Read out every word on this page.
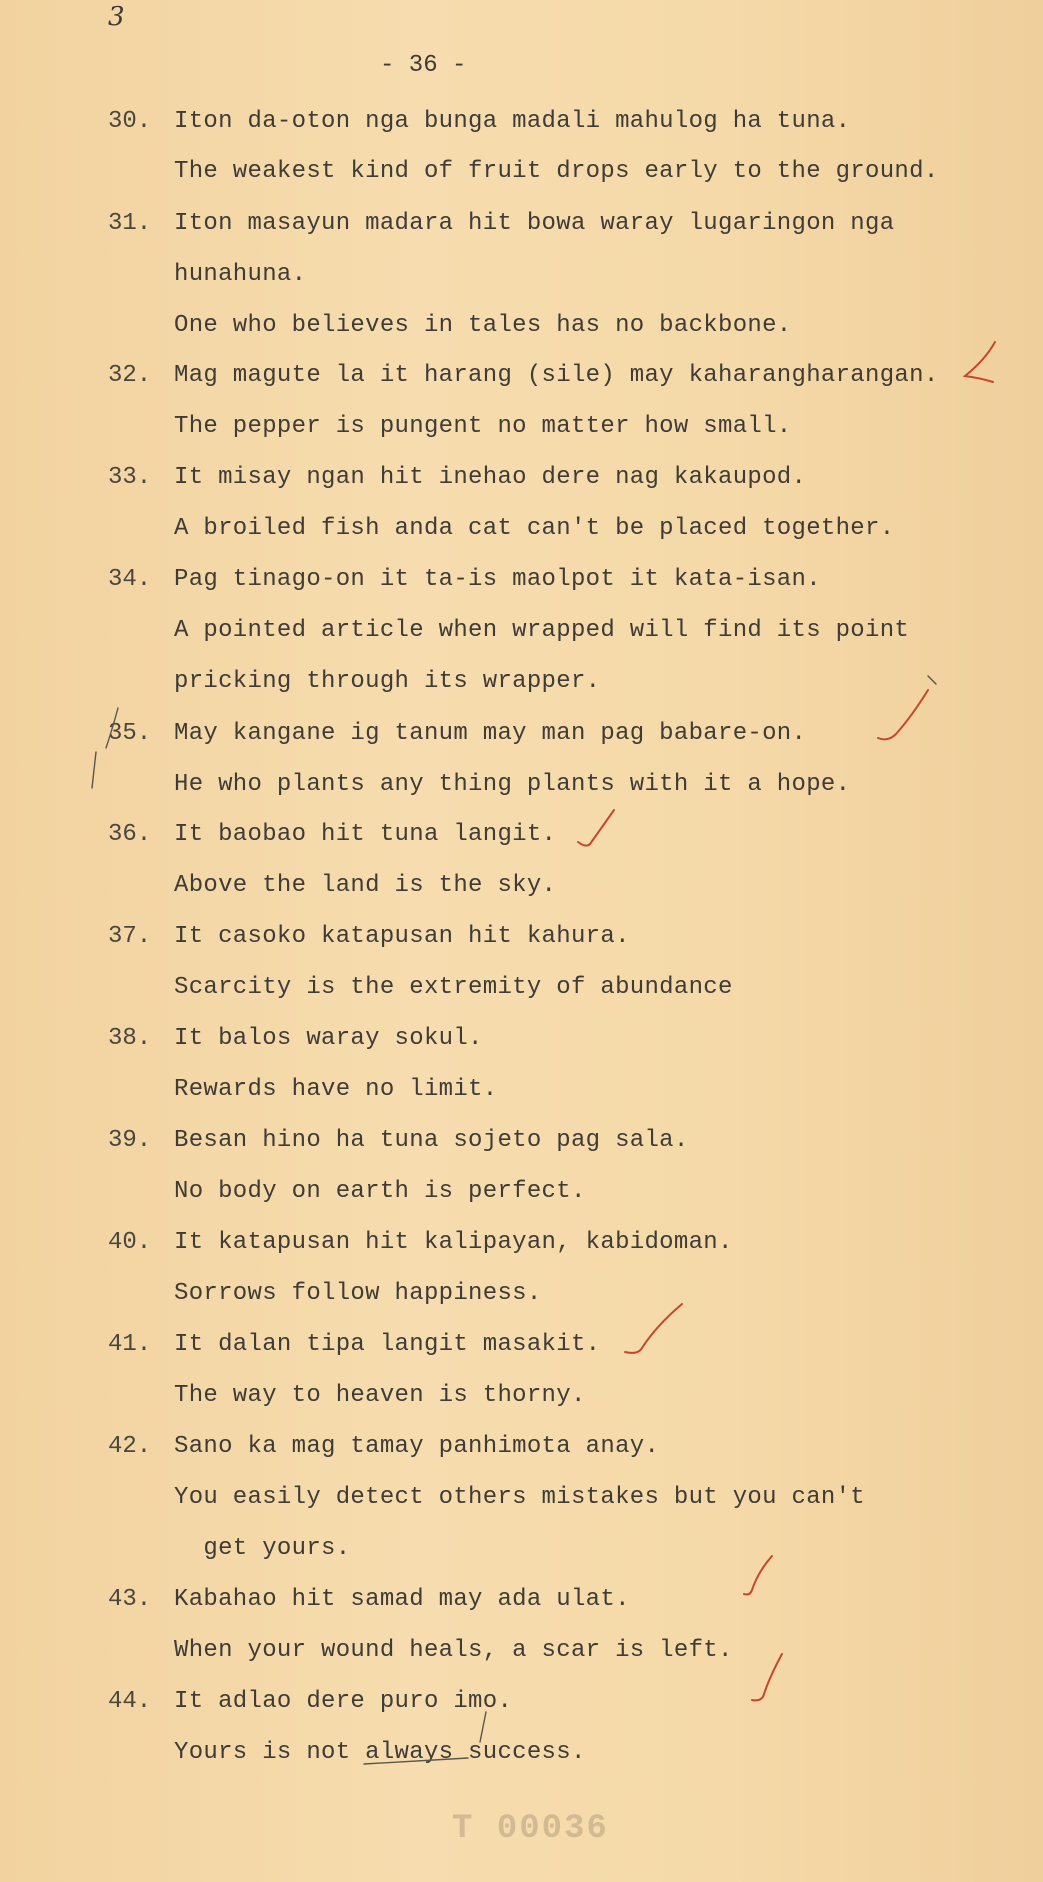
3
- 36 -
30. Iton da-oton nga bunga madali mahulog ha tuna.
The weakest kind of fruit drops early to the ground.
31. Iton masayun madara hit bowa waray lugaringon nga
hunahuna.
One who believes in tales has no backbone.
32. Mag magute la it harang (sile) may kaharangharangan.
The pepper is pungent no matter how small.
33. It misay ngan hit inehao dere nag kakaupod.
A broiled fish anda cat can't be placed together.
34. Pag tinago-on it ta-is maolpot it kata-isan.
A pointed article when wrapped will find its point
pricking through its wrapper.
35. May kangane ig tanum may man pag babare-on.
He who plants any thing plants with it a hope.
36. It baobao hit tuna langit.
Above the land is the sky.
37. It casoko katapusan hit kahura.
Scarcity is the extremity of abundance
38. It balos waray sokul.
Rewards have no limit.
39. Besan hino ha tuna sojeto pag sala.
No body on earth is perfect.
40. It katapusan hit kalipayan, kabidoman.
Sorrows follow happiness.
41. It dalan tipa langit masakit.
The way to heaven is thorny.
42. Sano ka mag tamay panhimota anay.
You easily detect others mistakes but you can't
get yours.
43. Kabahao hit samad may ada ulat.
When your wound heals, a scar is left.
44. It adlao dere puro imo.
Yours is not always success.
T 00036
